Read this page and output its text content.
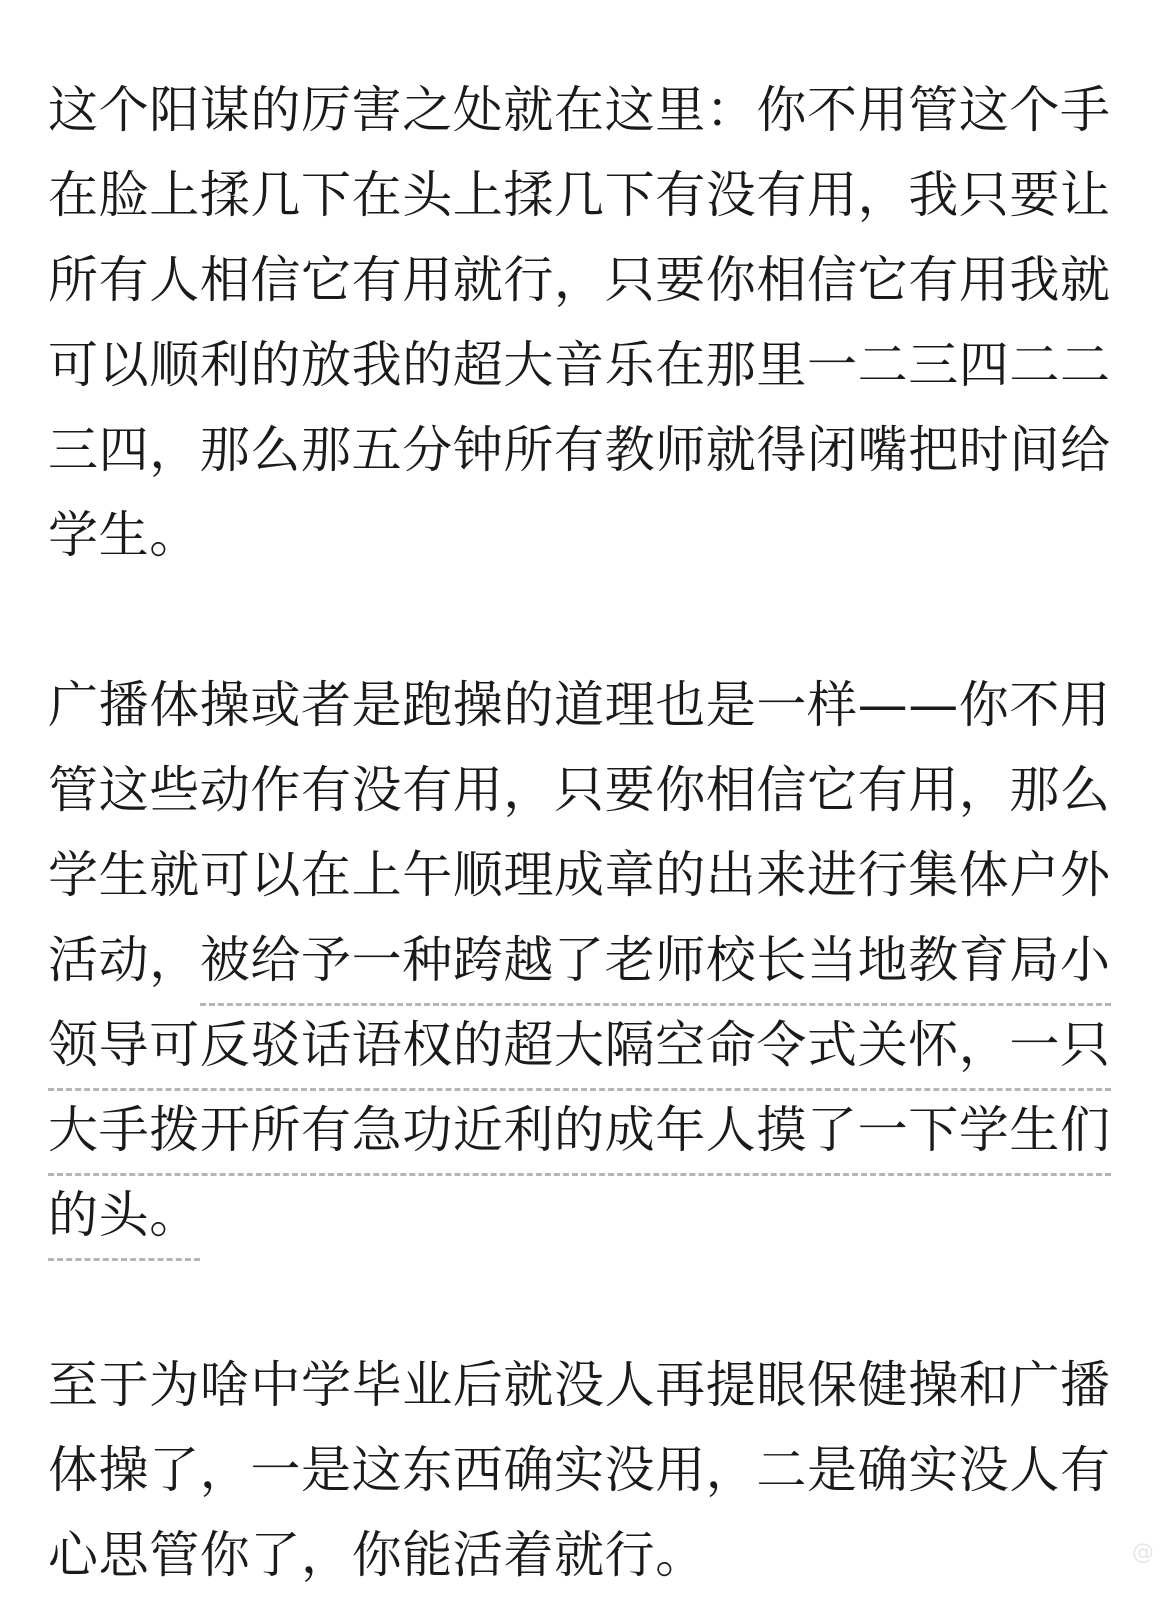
这个阳谋的厉害之处就在这里：你不用管这个手在脸上揉几下在头上揉几下有没有用，我只要让所有人相信它有用就行，只要你相信它有用我就可以顺利的放我的超大音乐在那里一二三四二二三四，那么那五分钟所有教师就得闭嘴把时间给学生。

广播体操或者是跑操的道理也是一样——你不用管这些动作有没有用，只要你相信它有用，那么学生就可以在上午顺理成章的出来进行集体户外活动，被给予一种跨越了老师校长当地教育局小领导可反驳话语权的超大隔空命令式关怀，一只大手拨开所有急功近利的成年人摸了一下学生们的头。

至于为啥中学毕业后就没人再提眼保健操和广播体操了，一是这东西确实没用，二是确实没人有心思管你了，你能活着就行。	@
